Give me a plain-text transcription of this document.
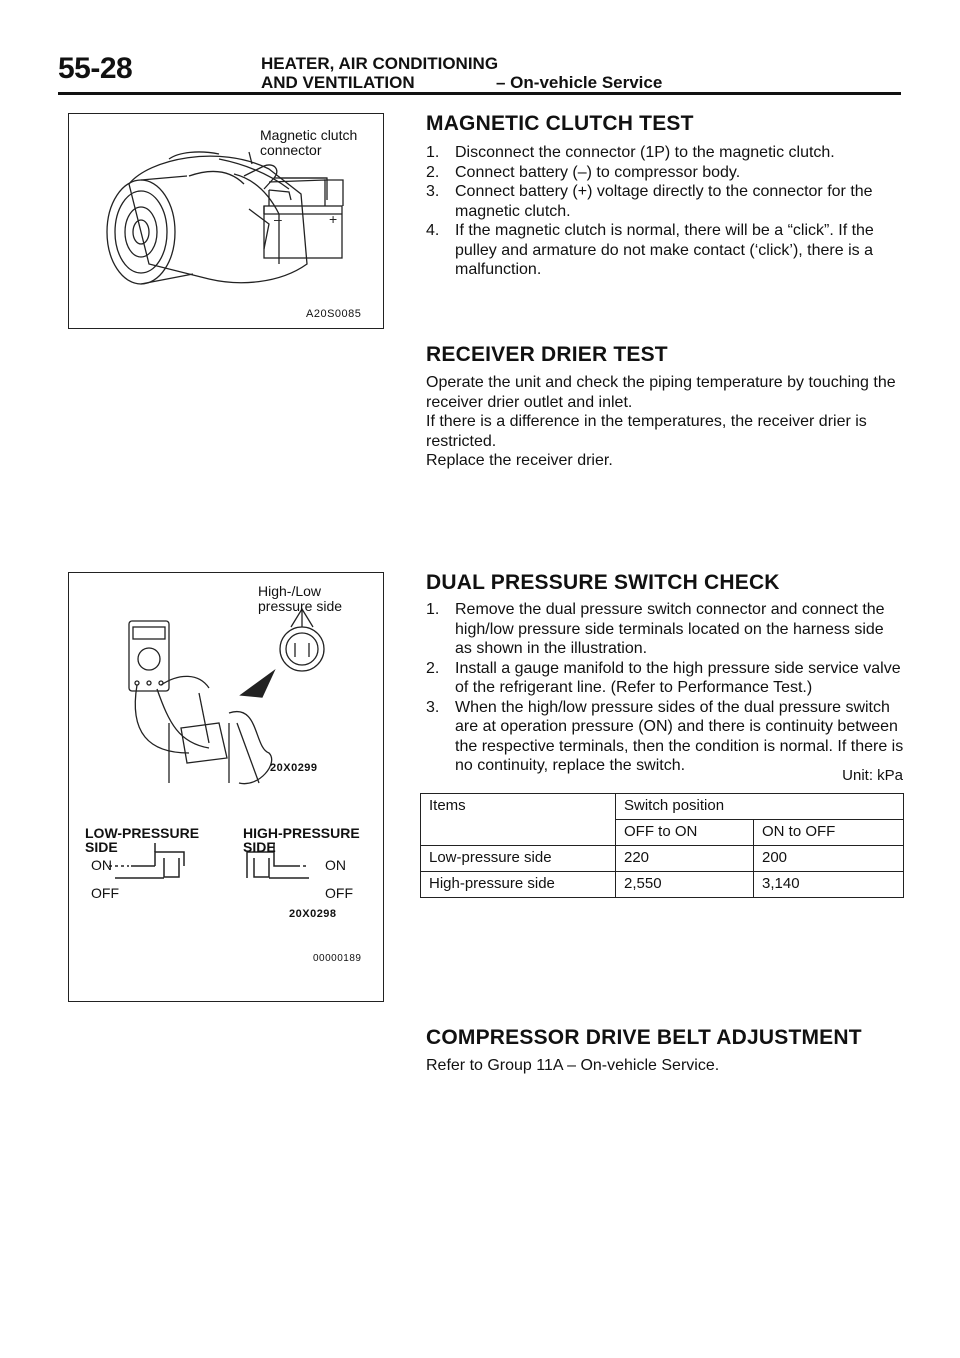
55-28	HEATER, AIR CONDITIONING
AND VENTILATION	– On-vehicle Service
–	+
Magnetic clutch
connector
A20S0085
High-/Low
pressure side
20X0299
LOW-PRESSURE
SIDE
HIGH-PRESSURE
SIDE
ON
OFF
ON
OFF
20X0298
00000189
MAGNETIC CLUTCH TEST
1. Disconnect the connector (1P) to the magnetic clutch.
2. Connect battery (–) to compressor body.
3. Connect battery (+) voltage directly to the connector for the magnetic clutch.
4. If the magnetic clutch is normal, there will be a “click”. If the pulley and armature do not make contact (‘click’), there is a malfunction.
RECEIVER DRIER TEST

Operate the unit and check the piping temperature by touching the receiver drier outlet and inlet.

If there is a difference in the temperatures, the receiver drier is restricted.

Replace the receiver drier.

DUAL PRESSURE SWITCH CHECK
1. Remove the dual pressure switch connector and connect the high/low pressure side terminals located on the harness side as shown in the illustration.
2. Install a gauge manifold to the high pressure side service valve of the refrigerant line. (Refer to Performance Test.)
3. When the high/low pressure sides of the dual pressure switch are at operation pressure (ON) and there is continuity between the respective terminals, then the condition is normal. If there is no continuity, replace the switch.
Unit: kPa
Items	Switch position	
	OFF to ON	ON to OFF
Low-pressure side	220	200
High-pressure side	2,550	3,140
COMPRESSOR DRIVE BELT ADJUSTMENT
Refer to Group 11A – On-vehicle Service.
